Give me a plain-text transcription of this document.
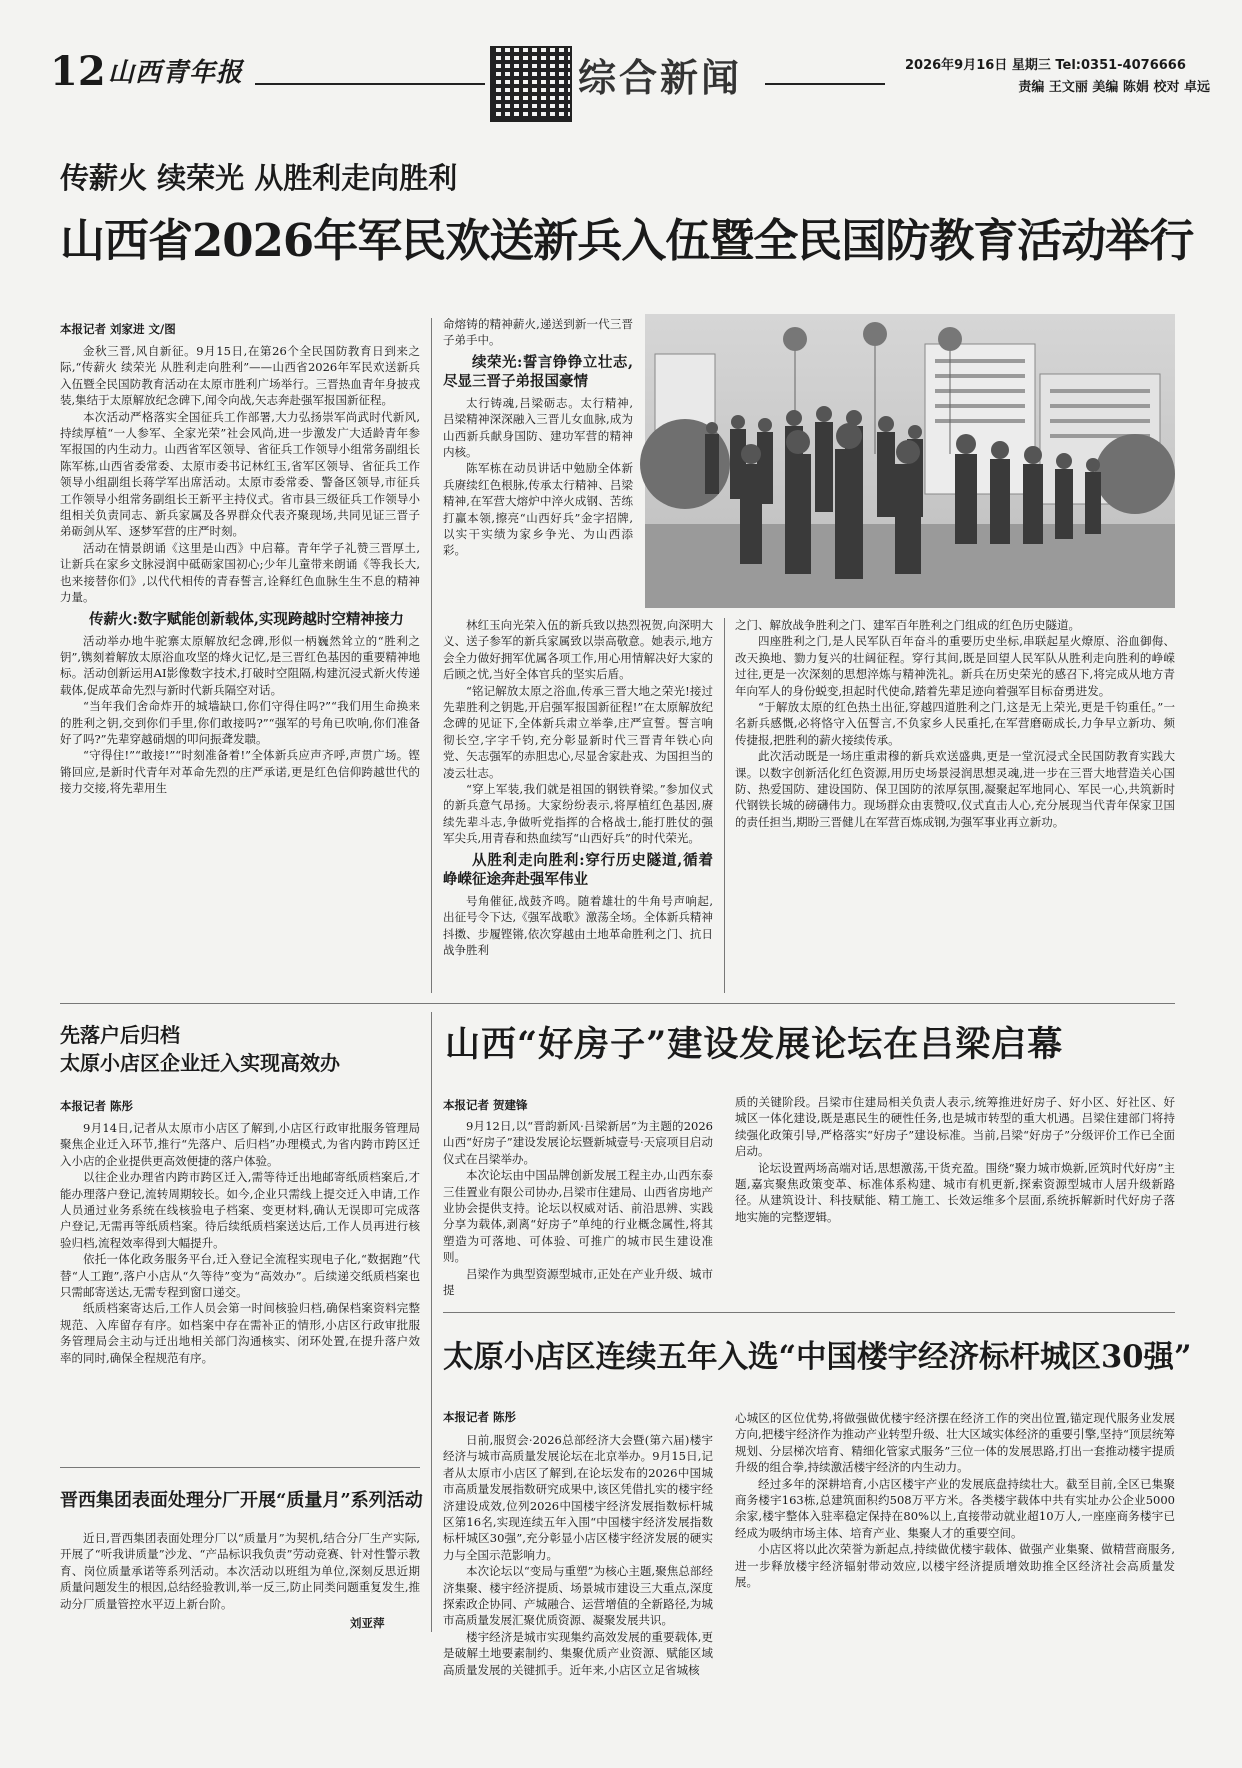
12 山西青年报	综合新闻	2026年9月16日 星期三 Tel:0351-4076666
责编 王文丽 美编 陈娟 校对 卓远
传薪火 续荣光 从胜利走向胜利
山西省2026年军民欢送新兵入伍暨全民国防教育活动举行
本报记者 刘家进 文/图

金秋三晋,风自新征。9月15日,在第26个全民国防教育日到来之际,“传薪火 续荣光 从胜利走向胜利”——山西省2026年军民欢送新兵入伍暨全民国防教育活动在太原市胜利广场举行。三晋热血青年身披戎装,集结于太原解放纪念碑下,闻令向战,矢志奔赴强军报国新征程。

本次活动严格落实全国征兵工作部署,大力弘扬崇军尚武时代新风,持续厚植“一人参军、全家光荣”社会风尚,进一步激发广大适龄青年参军报国的内生动力。山西省军区领导、省征兵工作领导小组常务副组长陈军栋,山西省委常委、太原市委书记林红玉,省军区领导、省征兵工作领导小组副组长蒋学军出席活动。太原市委常委、警备区领导,市征兵工作领导小组常务副组长王新平主持仪式。省市县三级征兵工作领导小组相关负责同志、新兵家属及各界群众代表齐聚现场,共同见证三晋子弟砺剑从军、逐梦军营的庄严时刻。

活动在情景朗诵《这里是山西》中启幕。青年学子礼赞三晋厚土,让新兵在家乡文脉浸润中砥砺家国初心;少年儿童带来朗诵《等我长大,也来接替你们》,以代代相传的青春誓言,诠释红色血脉生生不息的精神力量。

传薪火:数字赋能创新载体,实现跨越时空精神接力

活动举办地牛驼寨太原解放纪念碑,形似一柄巍然耸立的“胜利之钥”,镌刻着解放太原浴血攻坚的烽火记忆,是三晋红色基因的重要精神地标。活动创新运用AI影像数字技术,打破时空阻隔,构建沉浸式新火传递载体,促成革命先烈与新时代新兵隔空对话。

“当年我们舍命炸开的城墙缺口,你们守得住吗?”“我们用生命换来的胜利之钥,交到你们手里,你们敢接吗?”“强军的号角已吹响,你们准备好了吗?”先辈穿越硝烟的叩问振聋发聩。

“守得住!”“敢接!”“时刻准备着!”全体新兵应声齐呼,声贯广场。铿锵回应,是新时代青年对革命先烈的庄严承诺,更是红色信仰跨越世代的接力交接,将先辈用生

命熔铸的精神薪火,递送到新一代三晋子弟手中。

续荣光:誓言铮铮立壮志,尽显三晋子弟报国豪情

太行铸魂,吕梁砺志。太行精神,吕梁精神深深融入三晋儿女血脉,成为山西新兵献身国防、建功军营的精神内核。

陈军栋在动员讲话中勉励全体新兵赓续红色根脉,传承太行精神、吕梁精神,在军营大熔炉中淬火成钢、苦练打赢本领,擦亮“山西好兵”金字招牌,以实干实绩为家乡争光、为山西添彩。

林红玉向光荣入伍的新兵致以热烈祝贺,向深明大义、送子参军的新兵家属致以崇高敬意。她表示,地方会全力做好拥军优属各项工作,用心用情解决好大家的后顾之忧,当好全体官兵的坚实后盾。

“铭记解放太原之浴血,传承三晋大地之荣光!接过先辈胜利之钥匙,开启强军报国新征程!”在太原解放纪念碑的见证下,全体新兵肃立举拳,庄严宣誓。誓言响彻长空,字字千钧,充分彰显新时代三晋青年铁心向党、矢志强军的赤胆忠心,尽显舍家赴戎、为国担当的凌云壮志。

“穿上军装,我们就是祖国的钢铁脊梁。”参加仪式的新兵意气昂扬。大家纷纷表示,将厚植红色基因,赓续先辈斗志,争做听党指挥的合格战士,能打胜仗的强军尖兵,用青春和热血续写“山西好兵”的时代荣光。

从胜利走向胜利:穿行历史隧道,循着峥嵘征途奔赴强军伟业

号角催征,战鼓齐鸣。随着雄壮的牛角号声响起,出征号令下达,《强军战歌》激荡全场。全体新兵精神抖擞、步履铿锵,依次穿越由土地革命胜利之门、抗日战争胜利

之门、解放战争胜利之门、建军百年胜利之门组成的红色历史隧道。

四座胜利之门,是人民军队百年奋斗的重要历史坐标,串联起星火燎原、浴血御侮、改天换地、勠力复兴的壮阔征程。穿行其间,既是回望人民军队从胜利走向胜利的峥嵘过往,更是一次深刻的思想淬炼与精神洗礼。新兵在历史荣光的感召下,将完成从地方青年向军人的身份蜕变,担起时代使命,踏着先辈足迹向着强军目标奋勇进发。

“于解放太原的红色热土出征,穿越四道胜利之门,这是无上荣光,更是千钧重任。”一名新兵感慨,必将恪守入伍誓言,不负家乡人民重托,在军营磨砺成长,力争早立新功、频传捷报,把胜利的薪火接续传承。

此次活动既是一场庄重肃穆的新兵欢送盛典,更是一堂沉浸式全民国防教育实践大课。以数字创新活化红色资源,用历史场景浸润思想灵魂,进一步在三晋大地营造关心国防、热爱国防、建设国防、保卫国防的浓厚氛围,凝聚起军地同心、军民一心,共筑新时代钢铁长城的磅礴伟力。现场群众由衷赞叹,仪式直击人心,充分展现当代青年保家卫国的责任担当,期盼三晋健儿在军营百炼成钢,为强军事业再立新功。

先落户后归档
太原小店区企业迁入实现高效办
本报记者 陈彤

9月14日,记者从太原市小店区了解到,小店区行政审批服务管理局聚焦企业迁入环节,推行“先落户、后归档”办理模式,为省内跨市跨区迁入小店的企业提供更高效便捷的落户体验。

以往企业办理省内跨市跨区迁入,需等待迁出地邮寄纸质档案后,才能办理落户登记,流转周期较长。如今,企业只需线上提交迁入申请,工作人员通过业务系统在线核验电子档案、变更材料,确认无误即可完成落户登记,无需再等纸质档案。待后续纸质档案送达后,工作人员再进行核验归档,流程效率得到大幅提升。

依托一体化政务服务平台,迁入登记全流程实现电子化,“数据跑”代替“人工跑”,落户小店从“久等待”变为“高效办”。后续递交纸质档案也只需邮寄送达,无需专程到窗口递交。

纸质档案寄达后,工作人员会第一时间核验归档,确保档案资料完整规范、入库留存有序。如档案中存在需补正的情形,小店区行政审批服务管理局会主动与迁出地相关部门沟通核实、闭环处置,在提升落户效率的同时,确保全程规范有序。

晋西集团表面处理分厂开展“质量月”系列活动

近日,晋西集团表面处理分厂以“质量月”为契机,结合分厂生产实际,开展了“听我讲质量”沙龙、“产品标识我负责”劳动竞赛、针对性警示教育、岗位质量承诺等系列活动。本次活动以班组为单位,深刻反思近期质量问题发生的根因,总结经验教训,举一反三,防止同类问题重复发生,推动分厂质量管控水平迈上新台阶。

刘亚萍
山西“好房子”建设发展论坛在吕梁启幕
本报记者 贺建锋

9月12日,以“晋韵新风·吕梁新居”为主题的2026山西“好房子”建设发展论坛暨新城壹号·天宸项目启动仪式在吕梁举办。

本次论坛由中国品牌创新发展工程主办,山西东泰三佳置业有限公司协办,吕梁市住建局、山西省房地产业协会提供支持。论坛以权威对话、前沿思辨、实践分享为载体,剥离“好房子”单纯的行业概念属性,将其塑造为可落地、可体验、可推广的城市民生建设准则。

吕梁作为典型资源型城市,正处在产业升级、城市提

质的关键阶段。吕梁市住建局相关负责人表示,统筹推进好房子、好小区、好社区、好城区一体化建设,既是惠民生的硬性任务,也是城市转型的重大机遇。吕梁住建部门将持续强化政策引导,严格落实“好房子”建设标准。当前,吕梁“好房子”分级评价工作已全面启动。

论坛设置两场高端对话,思想激荡,干货充盈。围绕“聚力城市焕新,匠筑时代好房”主题,嘉宾聚焦政策变革、标准体系构建、城市有机更新,探索资源型城市人居升级新路径。从建筑设计、科技赋能、精工施工、长效运维多个层面,系统拆解新时代好房子落地实施的完整逻辑。

太原小店区连续五年入选“中国楼宇经济标杆城区30强”
本报记者 陈彤

日前,服贸会·2026总部经济大会暨(第六届)楼宇经济与城市高质量发展论坛在北京举办。9月15日,记者从太原市小店区了解到,在论坛发布的2026中国城市高质量发展指数研究成果中,该区凭借扎实的楼宇经济建设成效,位列2026中国楼宇经济发展指数标杆城区第16名,实现连续五年入围“中国楼宇经济发展指数标杆城区30强”,充分彰显小店区楼宇经济发展的硬实力与全国示范影响力。

本次论坛以“变局与重塑”为核心主题,聚焦总部经济集聚、楼宇经济提质、场景城市建设三大重点,深度探索政企协同、产城融合、运营增值的全新路径,为城市高质量发展汇聚优质资源、凝聚发展共识。

楼宇经济是城市实现集约高效发展的重要载体,更是破解土地要素制约、集聚优质产业资源、赋能区域高质量发展的关键抓手。近年来,小店区立足省城核

心城区的区位优势,将做强做优楼宇经济摆在经济工作的突出位置,锚定现代服务业发展方向,把楼宇经济作为推动产业转型升级、壮大区域实体经济的重要引擎,坚持“顶层统筹规划、分层梯次培育、精细化管家式服务”三位一体的发展思路,打出一套推动楼宇提质升级的组合拳,持续激活楼宇经济的内生动力。

经过多年的深耕培育,小店区楼宇产业的发展底盘持续壮大。截至目前,全区已集聚商务楼宇163栋,总建筑面积约508万平方米。各类楼宇载体中共有实址办公企业5000余家,楼宇整体入驻率稳定保持在80%以上,直接带动就业超10万人,一座座商务楼宇已经成为吸纳市场主体、培育产业、集聚人才的重要空间。

小店区将以此次荣誉为新起点,持续做优楼宇载体、做强产业集聚、做精营商服务,进一步释放楼宇经济辐射带动效应,以楼宇经济提质增效助推全区经济社会高质量发展。
